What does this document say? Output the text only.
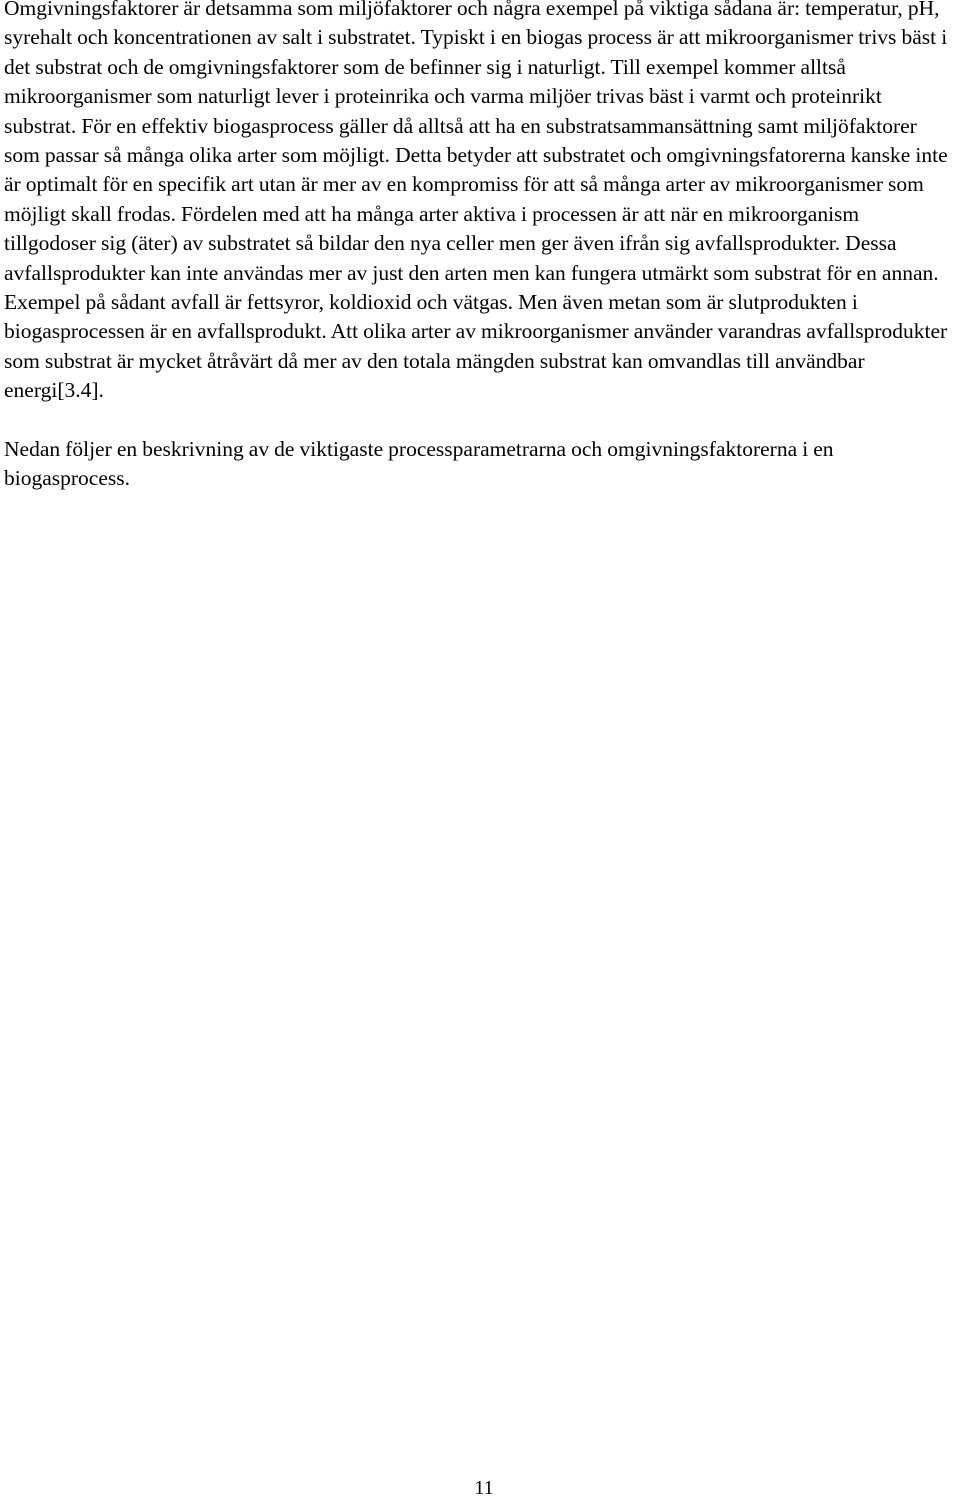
Omgivningsfaktorer är detsamma som miljöfaktorer och några exempel på viktiga sådana är: temperatur, pH, syrehalt och koncentrationen av salt i substratet. Typiskt i en biogas process är att mikroorganismer trivs bäst i det substrat och de omgivningsfaktorer som de befinner sig i naturligt. Till exempel kommer alltså mikroorganismer som naturligt lever i proteinrika och varma miljöer trivas bäst i varmt och proteinrikt substrat. För en effektiv biogasprocess gäller då alltså att ha en substratsammansättning samt miljöfaktorer som passar så många olika arter som möjligt. Detta betyder att substratet och omgivningsfatorerna kanske inte är optimalt för en specifik art utan är mer av en kompromiss för att så många arter av mikroorganismer som möjligt skall frodas. Fördelen med att ha många arter aktiva i processen är att när en mikroorganism tillgodoser sig (äter) av substratet så bildar den nya celler men ger även ifrån sig avfallsprodukter. Dessa avfallsprodukter kan inte användas mer av just den arten men kan fungera utmärkt som substrat för en annan. Exempel på sådant avfall är fettsyror, koldioxid och vätgas. Men även metan som är slutprodukten i biogasprocessen är en avfallsprodukt. Att olika arter av mikroorganismer använder varandras avfallsprodukter som substrat är mycket åtråvärt då mer av den totala mängden substrat kan omvandlas till användbar energi[3.4].

Nedan följer en beskrivning av de viktigaste processparametrarna och omgivningsfaktorerna i en biogasprocess.

11
